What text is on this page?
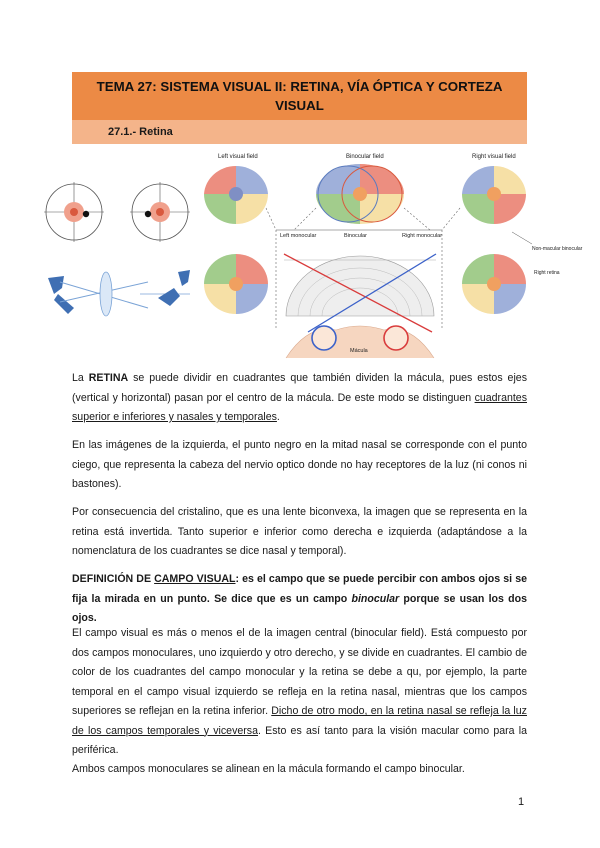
TEMA 27: SISTEMA VISUAL II: RETINA, VÍA ÓPTICA Y CORTEZA VISUAL
27.1.- Retina
Left visual field	Binocular field	Right visual field
Left monocular	Binocular	Right monocular
Mácula
Non-macular binocular
Right retina

La RETINA se puede dividir en cuadrantes que también dividen la mácula, pues estos ejes (vertical y horizontal) pasan por el centro de la mácula. De este modo se distinguen cuadrantes superior e inferiores y nasales y temporales.

En las imágenes de la izquierda, el punto negro en la mitad nasal se corresponde con el punto ciego, que representa la cabeza del nervio optico donde no hay receptores de la luz (ni conos ni bastones).

Por consecuencia del cristalino, que es una lente biconvexa, la imagen que se representa en la retina está invertida. Tanto superior e inferior como derecha e izquierda (adaptándose a la nomenclatura de los cuadrantes se dice nasal y temporal).

DEFINICIÓN DE CAMPO VISUAL: es el campo que se puede percibir con ambos ojos si se fija la mirada en un punto. Se dice que es un campo binocular porque se usan los dos ojos.

El campo visual es más o menos el de la imagen central (binocular field). Está compuesto por dos campos monoculares, uno izquierdo y otro derecho, y se divide en cuadrantes. El cambio de color de los cuadrantes del campo monocular y la retina se debe a qu, por ejemplo, la parte temporal en el campo visual izquierdo se refleja en la retina nasal, mientras que los campos superiores se reflejan en la retina inferior. Dicho de otro modo, en la retina nasal se refleja la luz de los campos temporales y viceversa. Esto es así tanto para la visión macular como para la periférica.

Ambos campos monoculares se alinean en la mácula formando el campo binocular.

1
